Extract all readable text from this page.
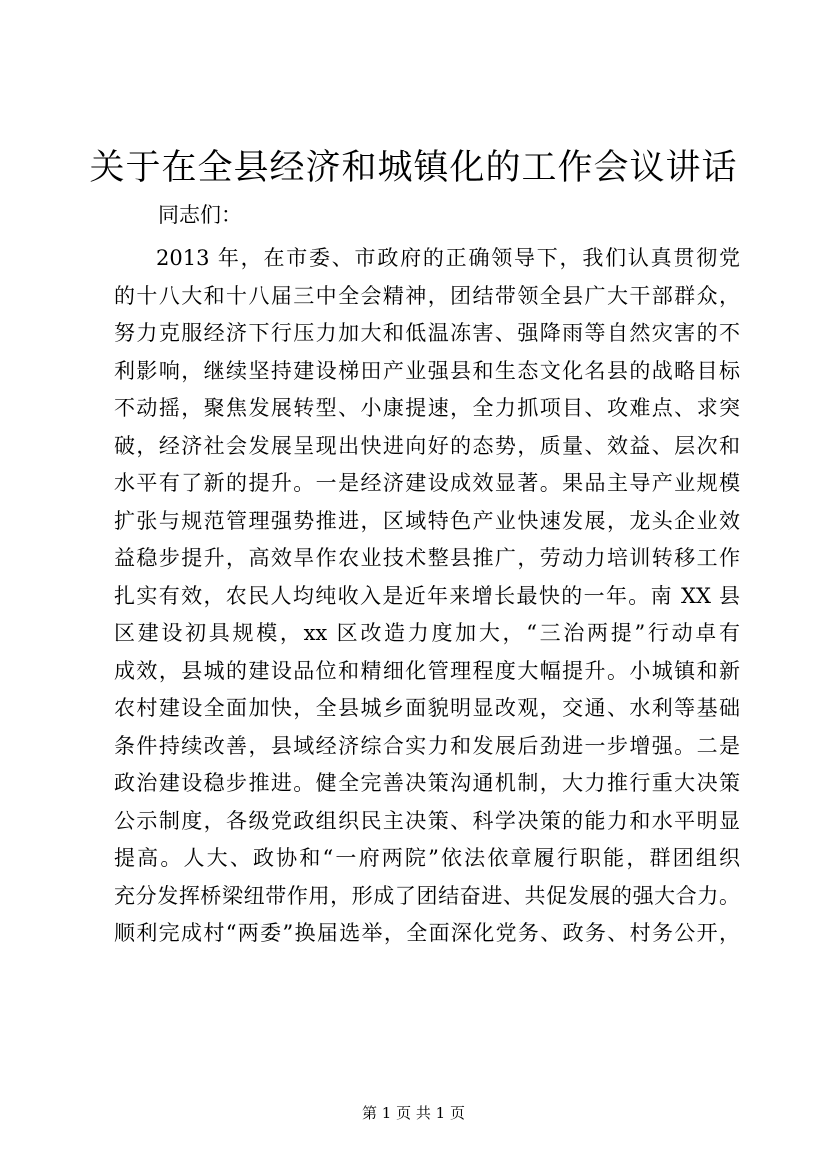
关于在全县经济和城镇化的工作会议讲话
同志们：
2013 年，在市委、市政府的正确领导下，我们认真贯彻党
的十八大和十八届三中全会精神，团结带领全县广大干部群众，
努力克服经济下行压力加大和低温冻害、强降雨等自然灾害的不
利影响，继续坚持建设梯田产业强县和生态文化名县的战略目标
不动摇，聚焦发展转型、小康提速，全力抓项目、攻难点、求突
破，经济社会发展呈现出快进向好的态势，质量、效益、层次和
水平有了新的提升。一是经济建设成效显著。果品主导产业规模
扩张与规范管理强势推进，区域特色产业快速发展，龙头企业效
益稳步提升，高效旱作农业技术整县推广，劳动力培训转移工作
扎实有效，农民人均纯收入是近年来增长最快的一年。南 XX 县
区建设初具规模，xx 区改造力度加大，“三治两提”行动卓有
成效，县城的建设品位和精细化管理程度大幅提升。小城镇和新
农村建设全面加快，全县城乡面貌明显改观，交通、水利等基础
条件持续改善，县域经济综合实力和发展后劲进一步增强。二是
政治建设稳步推进。健全完善决策沟通机制，大力推行重大决策
公示制度，各级党政组织民主决策、科学决策的能力和水平明显
提高。人大、政协和“一府两院”依法依章履行职能，群团组织
充分发挥桥梁纽带作用，形成了团结奋进、共促发展的强大合力。
顺利完成村“两委”换届选举，全面深化党务、政务、村务公开，
第 1 页 共 1 页
